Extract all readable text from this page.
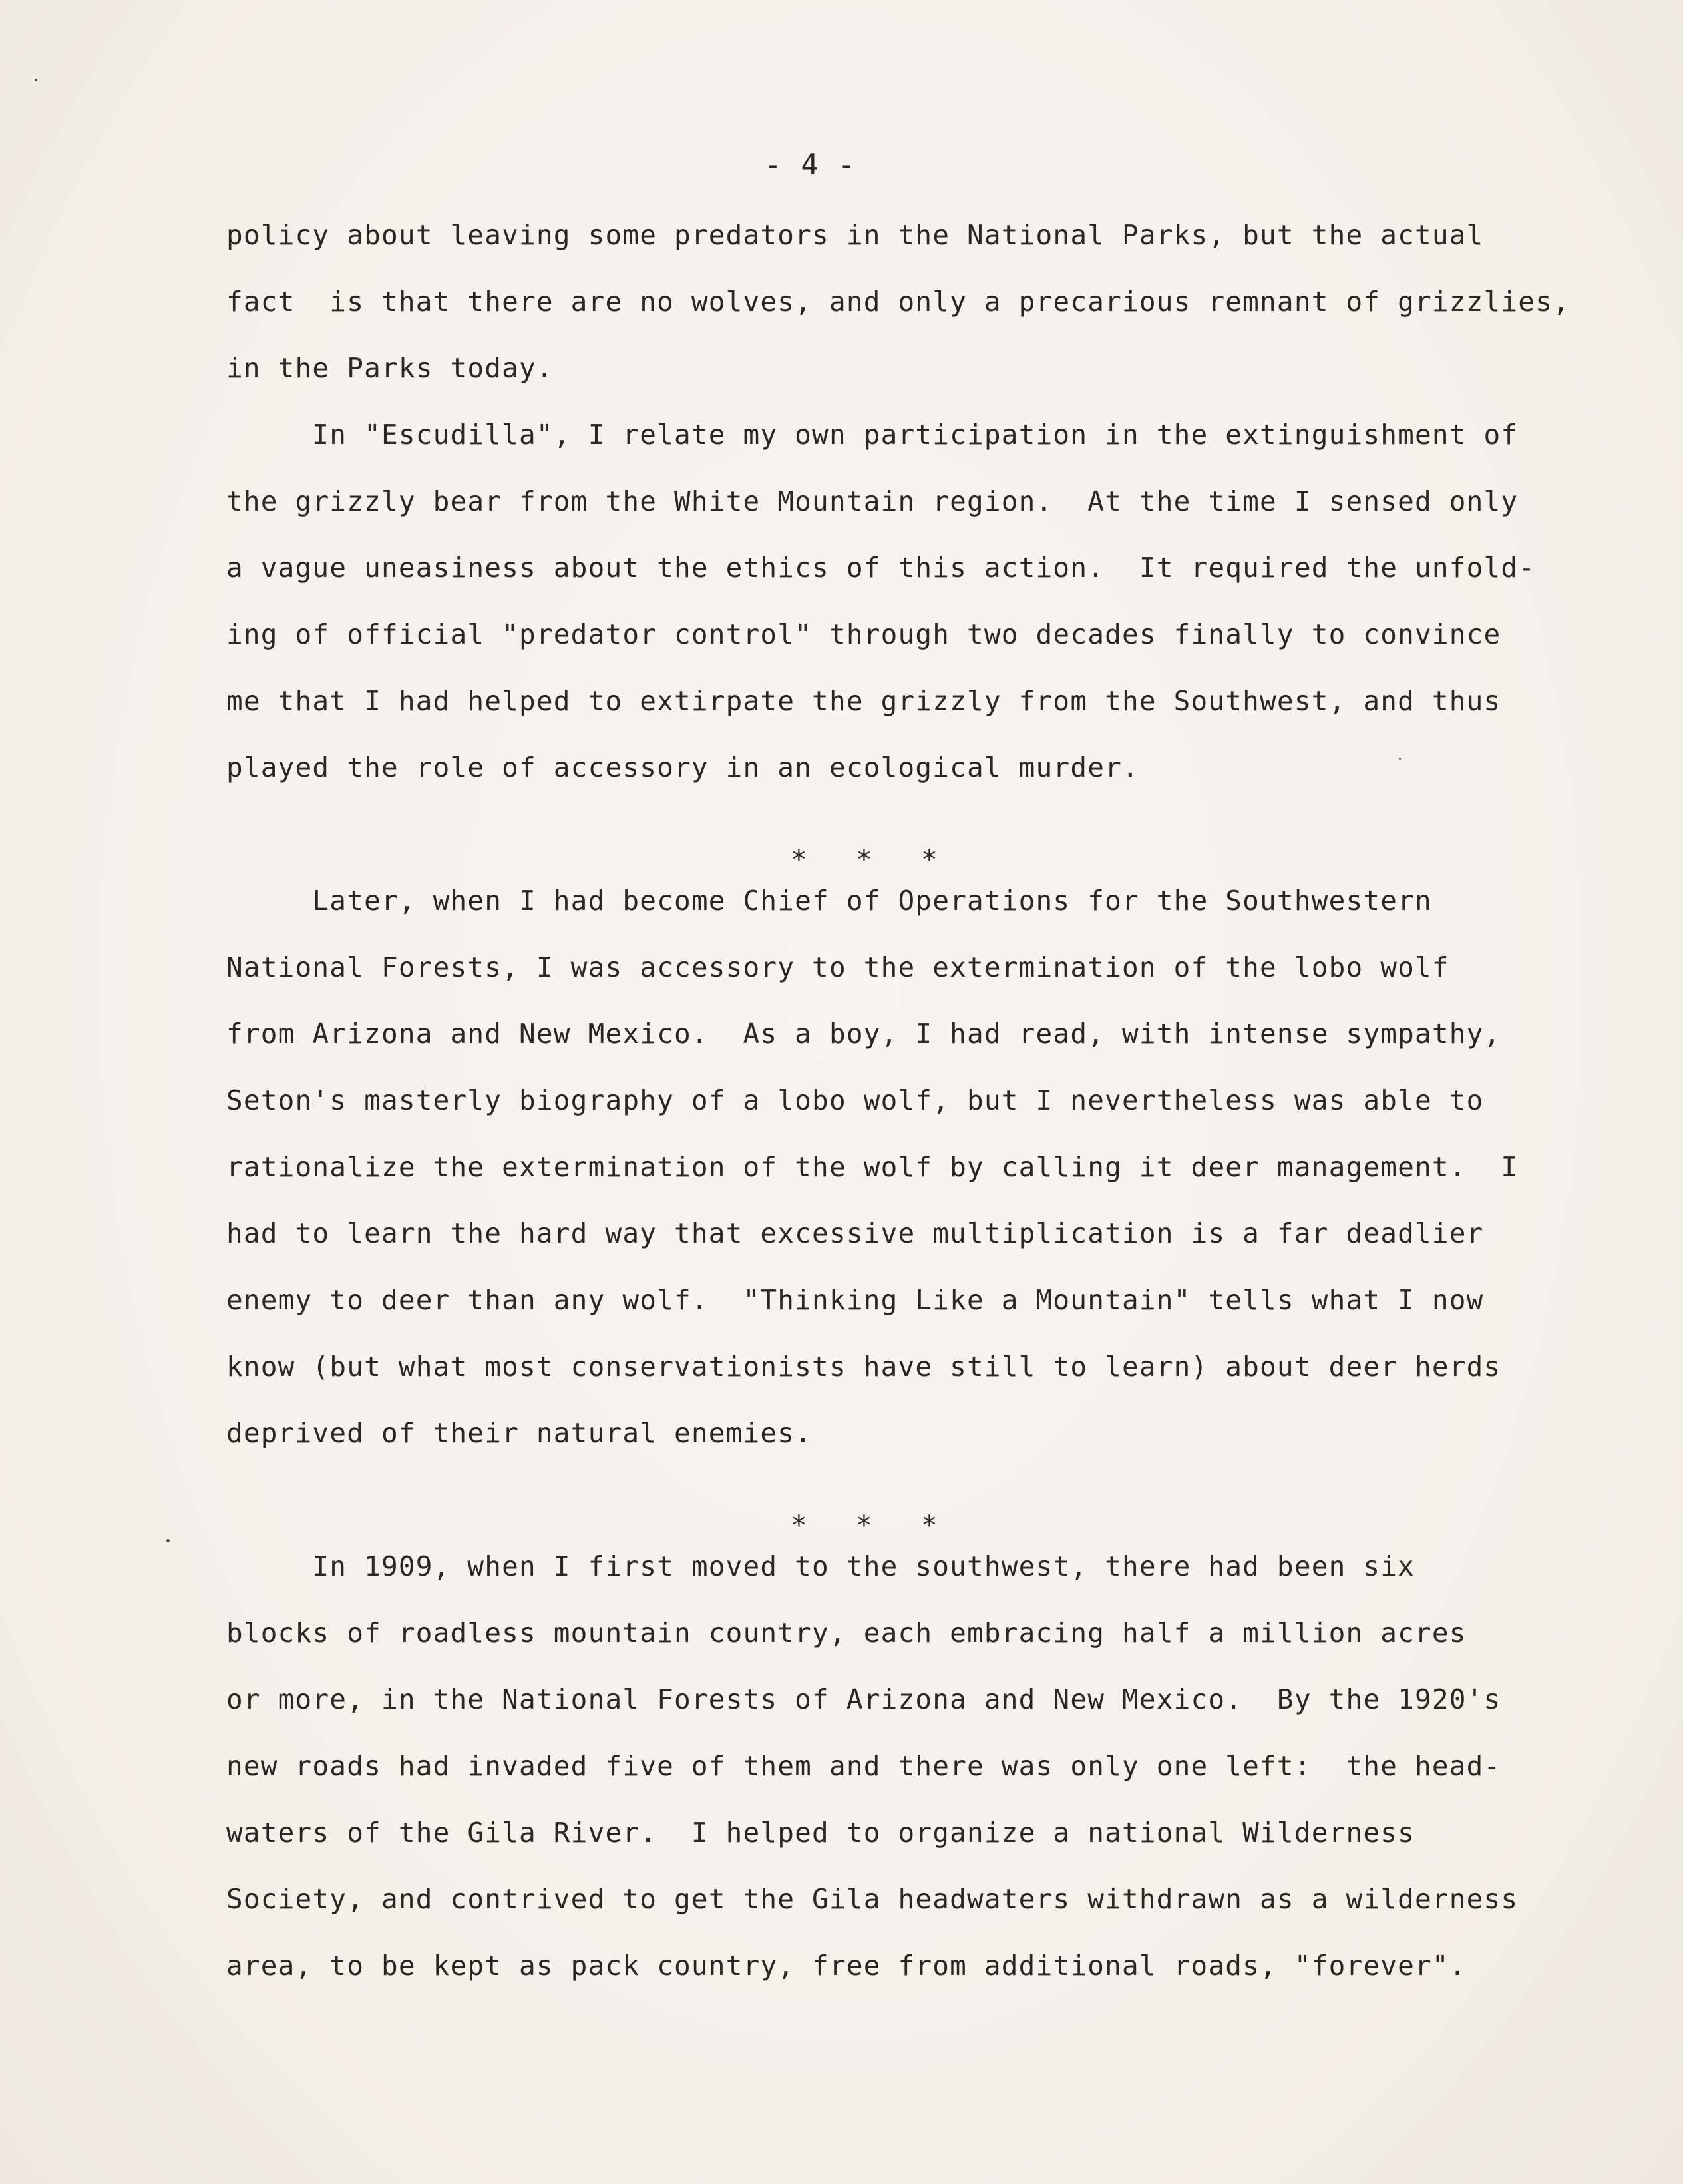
- 4 -
policy about leaving some predators in the National Parks, but the actual
fact  is that there are no wolves, and only a precarious remnant of grizzlies,
in the Parks today.
In "Escudilla", I relate my own participation in the extinguishment of
the grizzly bear from the White Mountain region.  At the time I sensed only
a vague uneasiness about the ethics of this action.  It required the unfold-
ing of official "predator control" through two decades finally to convince
me that I had helped to extirpate the grizzly from the Southwest, and thus
played the role of accessory in an ecological murder.

* * *

Later, when I had become Chief of Operations for the Southwestern
National Forests, I was accessory to the extermination of the lobo wolf
from Arizona and New Mexico.  As a boy, I had read, with intense sympathy,
Seton's masterly biography of a lobo wolf, but I nevertheless was able to
rationalize the extermination of the wolf by calling it deer management.  I
had to learn the hard way that excessive multiplication is a far deadlier
enemy to deer than any wolf.  "Thinking Like a Mountain" tells what I now
know (but what most conservationists have still to learn) about deer herds
deprived of their natural enemies.

* * *

In 1909, when I first moved to the southwest, there had been six
blocks of roadless mountain country, each embracing half a million acres
or more, in the National Forests of Arizona and New Mexico.  By the 1920's
new roads had invaded five of them and there was only one left:  the head-
waters of the Gila River.  I helped to organize a national Wilderness
Society, and contrived to get the Gila headwaters withdrawn as a wilderness
area, to be kept as pack country, free from additional roads, "forever".
